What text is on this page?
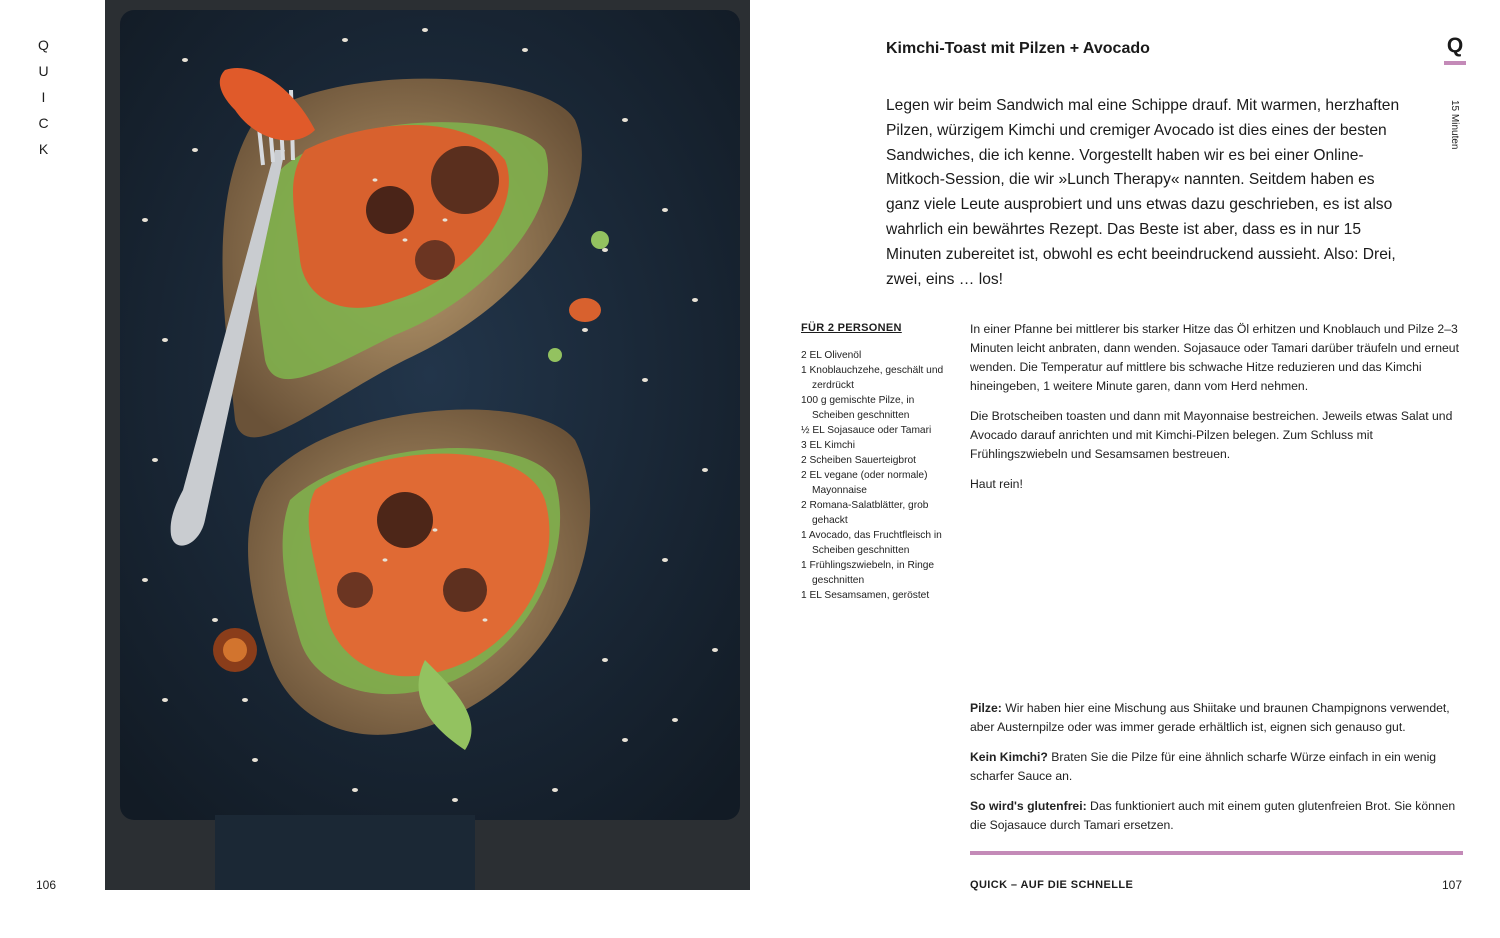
Q
U
I
C
K
106
Kimchi-Toast mit Pilzen + Avocado	Q
15 Minuten

Legen wir beim Sandwich mal eine Schippe drauf. Mit warmen, herzhaften Pilzen, würzigem Kimchi und cremiger Avocado ist dies eines der besten Sandwiches, die ich kenne. Vorgestellt haben wir es bei einer Online-Mitkoch-Session, die wir »Lunch Therapy« nannten. Seitdem haben es ganz viele Leute ausprobiert und uns etwas dazu geschrieben, es ist also wahrlich ein bewährtes Rezept. Das Beste ist aber, dass es in nur 15 Minuten zubereitet ist, obwohl es echt beeindruckend aussieht. Also: Drei, zwei, eins … los!

FÜR 2 PERSONEN
2 EL Olivenöl
1 Knoblauchzehe, geschält und zerdrückt
100 g gemischte Pilze, in Scheiben geschnitten
½ EL Sojasauce oder Tamari
3 EL Kimchi
2 Scheiben Sauerteigbrot
2 EL vegane (oder normale) Mayonnaise
2 Romana-Salatblätter, grob gehackt
1 Avocado, das Fruchtfleisch in Scheiben geschnitten
1 Frühlingszwiebeln, in Ringe geschnitten
1 EL Sesamsamen, geröstet

In einer Pfanne bei mittlerer bis starker Hitze das Öl erhitzen und Knoblauch und Pilze 2–3 Minuten leicht anbraten, dann wenden. Sojasauce oder Tamari darüber träufeln und erneut wenden. Die Temperatur auf mittlere bis schwache Hitze reduzieren und das Kimchi hineingeben, 1 weitere Minute garen, dann vom Herd nehmen.

Die Brotscheiben toasten und dann mit Mayonnaise bestreichen. Jeweils etwas Salat und Avocado darauf anrichten und mit Kimchi-Pilzen belegen. Zum Schluss mit Frühlingszwiebeln und Sesamsamen bestreuen.

Haut rein!

Pilze: Wir haben hier eine Mischung aus Shiitake und braunen Champignons verwendet, aber Austernpilze oder was immer gerade erhältlich ist, eignen sich genauso gut.

Kein Kimchi? Braten Sie die Pilze für eine ähnlich scharfe Würze einfach in ein wenig scharfer Sauce an.

So wird's glutenfrei: Das funktioniert auch mit einem guten glutenfreien Brot. Sie können die Sojasauce durch Tamari ersetzen.

QUICK – AUF DIE SCHNELLE	107
